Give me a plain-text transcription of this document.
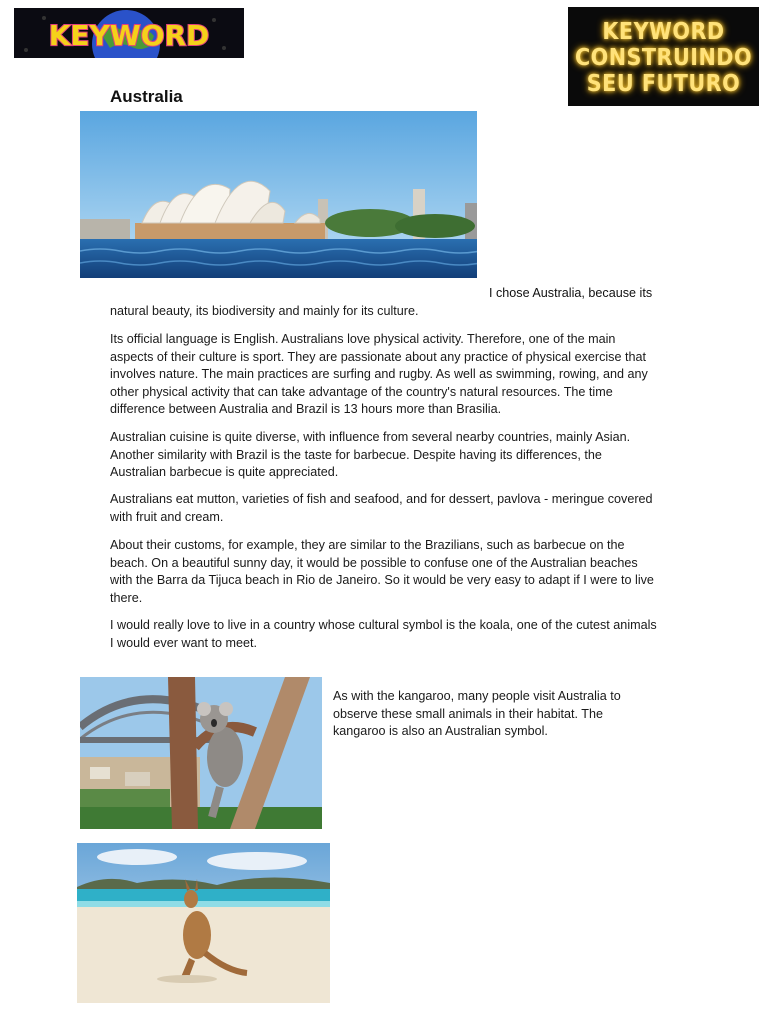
KEYWORD	KEYWORD
CONSTRUINDO
SEU FUTURO
Australia
I chose Australia, because its

natural beauty, its biodiversity and mainly for its culture.

Its official language is English. Australians love physical activity. Therefore, one of the main aspects of their culture is sport. They are passionate about any practice of physical exercise that involves nature. The main practices are surfing and rugby. As well as swimming, rowing, and any other physical activity that can take advantage of the country's natural resources. The time difference between Australia and Brazil is 13 hours more than Brasilia.

Australian cuisine is quite diverse, with influence from several nearby countries, mainly Asian. Another similarity with Brazil is the taste for barbecue. Despite having its differences, the Australian barbecue is quite appreciated.

Australians eat mutton, varieties of fish and seafood, and for dessert, pavlova - meringue covered with fruit and cream.

About their customs, for example, they are similar to the Brazilians, such as barbecue on the beach. On a beautiful sunny day, it would be possible to confuse one of the Australian beaches with the Barra da Tijuca beach in Rio de Janeiro. So it would be very easy to adapt if I were to live there.

I would really love to live in a country whose cultural symbol is the koala, one of the cutest animals I would ever want to meet.

As with the kangaroo, many people visit Australia to observe these small animals in their habitat. The kangaroo is also an Australian symbol.
